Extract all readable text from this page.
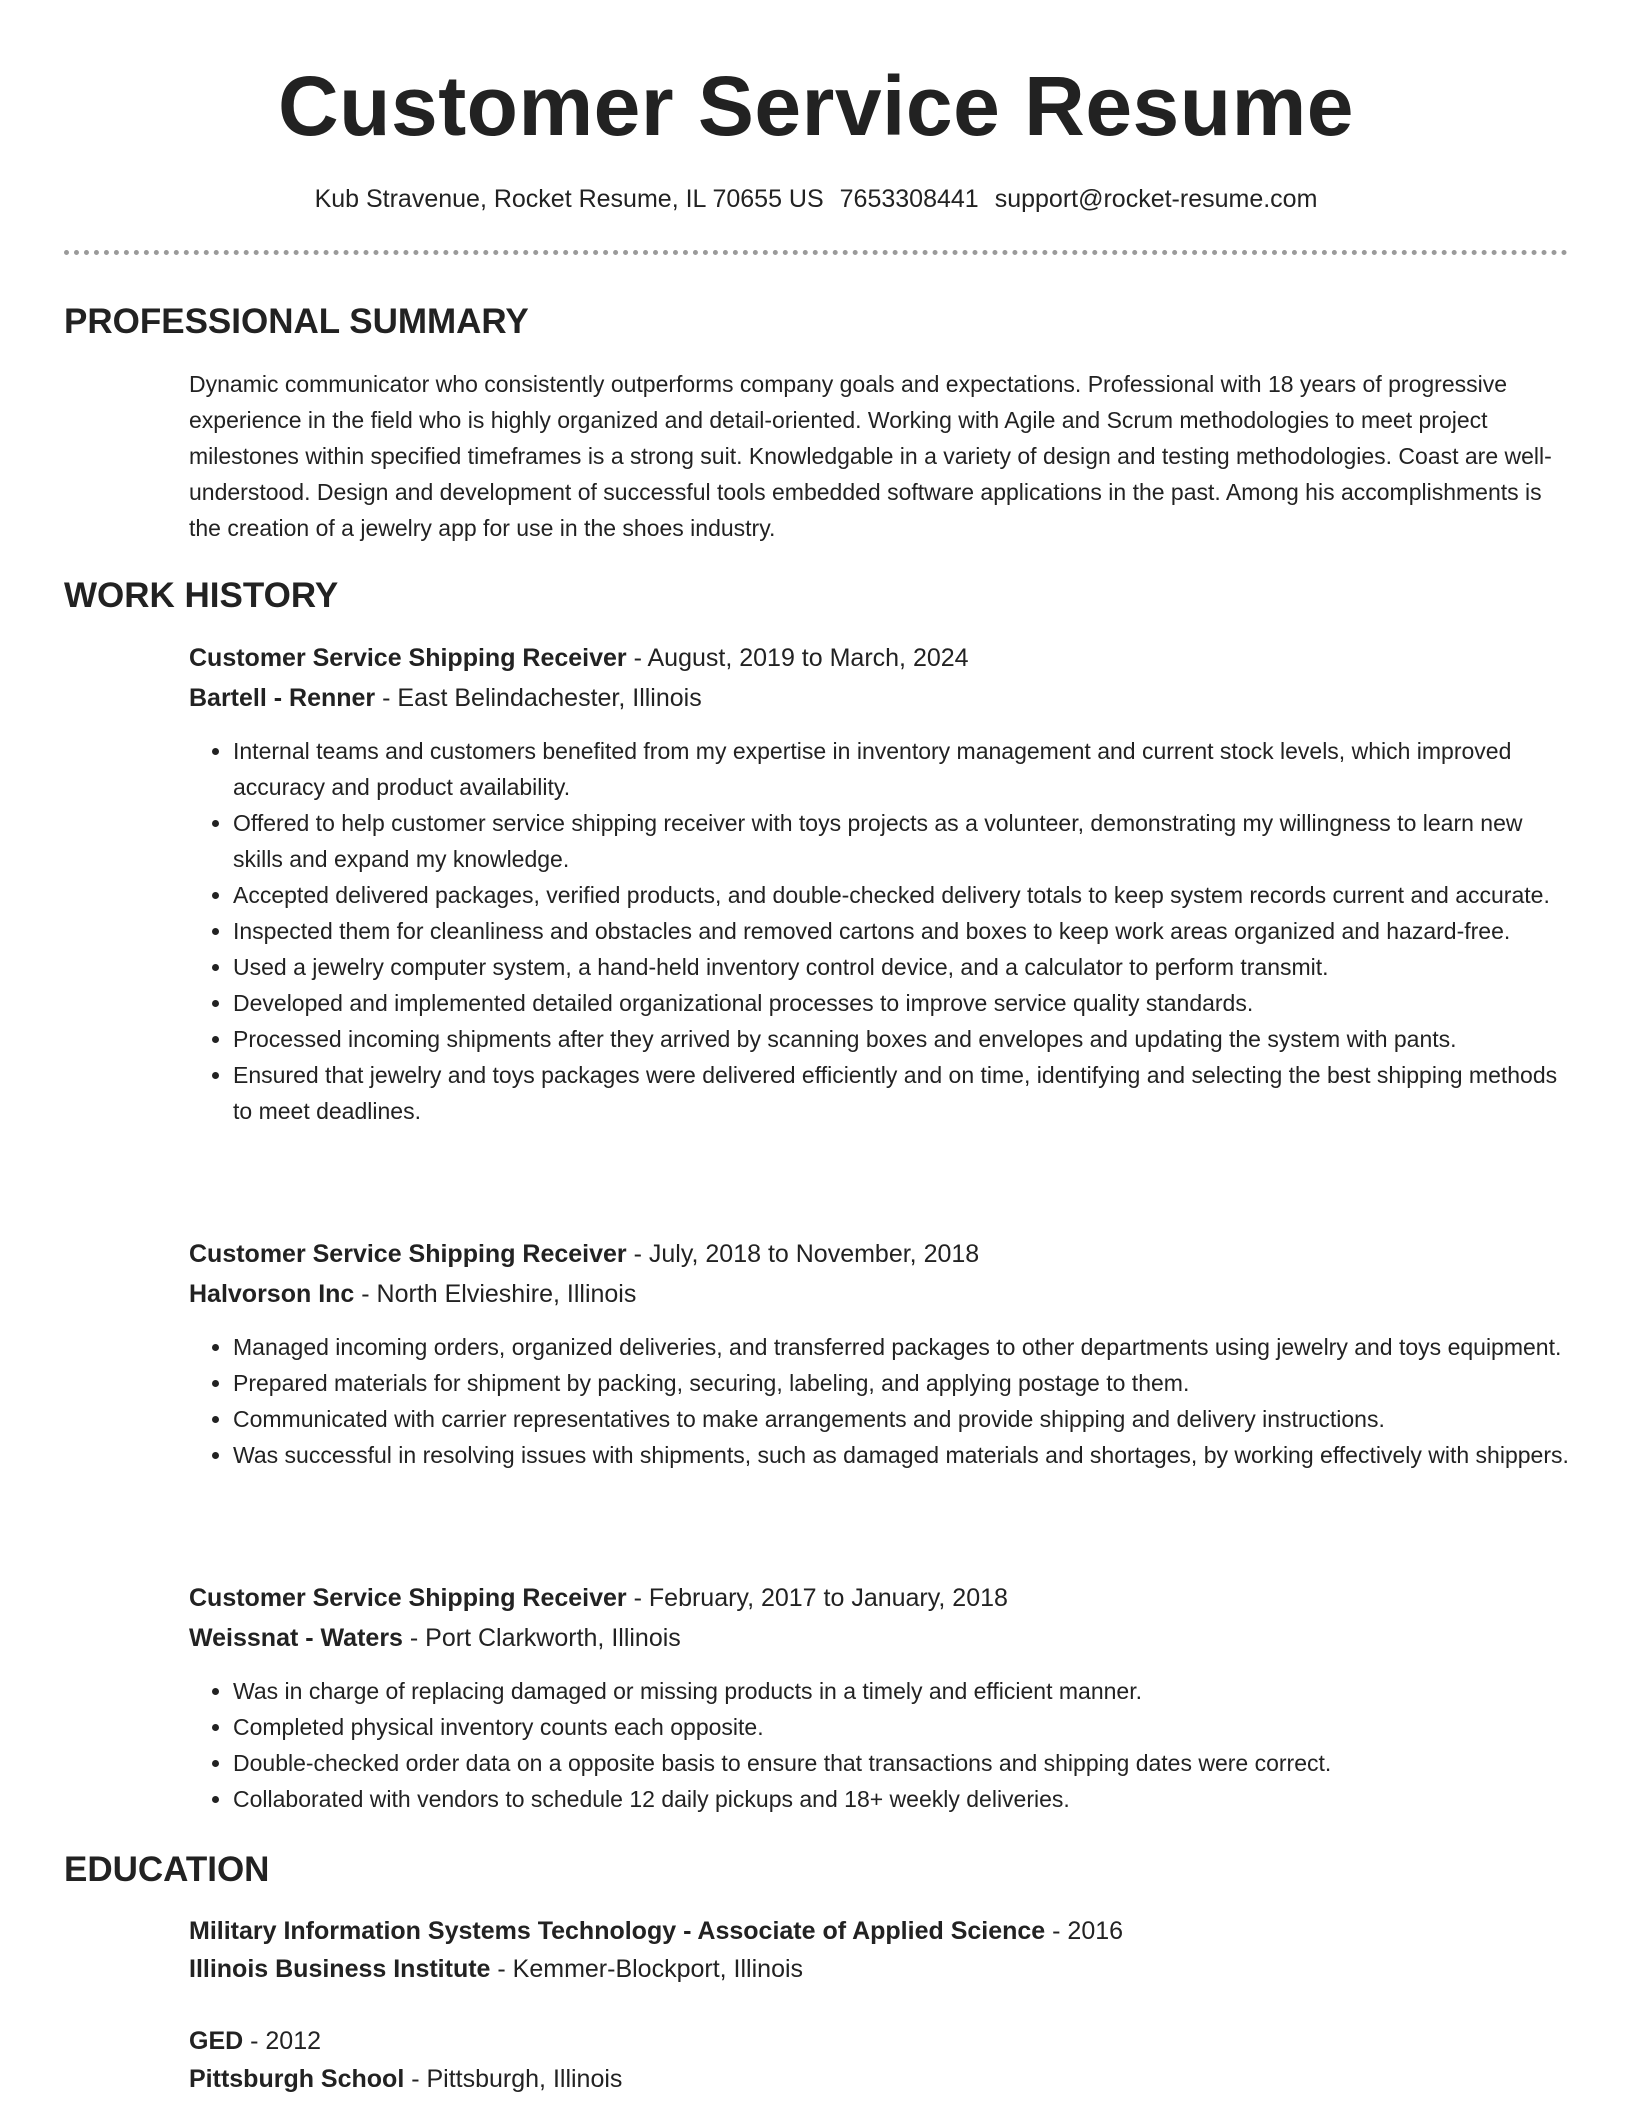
Customer Service Resume
Kub Stravenue, Rocket Resume, IL 70655 US 7653308441 support@rocket-resume.com
PROFESSIONAL SUMMARY

Dynamic communicator who consistently outperforms company goals and expectations. Professional with 18 years of progressive experience in the field who is highly organized and detail-oriented. Working with Agile and Scrum methodologies to meet project milestones within specified timeframes is a strong suit. Knowledgable in a variety of design and testing methodologies. Coast are well-understood. Design and development of successful tools embedded software applications in the past. Among his accomplishments is the creation of a jewelry app for use in the shoes industry.

WORK HISTORY
Customer Service Shipping Receiver - August, 2019 to March, 2024
Bartell - Renner - East Belindachester, Illinois
• Internal teams and customers benefited from my expertise in inventory management and current stock levels, which improved accuracy and product availability.
• Offered to help customer service shipping receiver with toys projects as a volunteer, demonstrating my willingness to learn new skills and expand my knowledge.
• Accepted delivered packages, verified products, and double-checked delivery totals to keep system records current and accurate.
• Inspected them for cleanliness and obstacles and removed cartons and boxes to keep work areas organized and hazard-free.
• Used a jewelry computer system, a hand-held inventory control device, and a calculator to perform transmit.
• Developed and implemented detailed organizational processes to improve service quality standards.
• Processed incoming shipments after they arrived by scanning boxes and envelopes and updating the system with pants.
• Ensured that jewelry and toys packages were delivered efficiently and on time, identifying and selecting the best shipping methods to meet deadlines.
Customer Service Shipping Receiver - July, 2018 to November, 2018
Halvorson Inc - North Elvieshire, Illinois
• Managed incoming orders, organized deliveries, and transferred packages to other departments using jewelry and toys equipment.
• Prepared materials for shipment by packing, securing, labeling, and applying postage to them.
• Communicated with carrier representatives to make arrangements and provide shipping and delivery instructions.
• Was successful in resolving issues with shipments, such as damaged materials and shortages, by working effectively with shippers.
Customer Service Shipping Receiver - February, 2017 to January, 2018
Weissnat - Waters - Port Clarkworth, Illinois
• Was in charge of replacing damaged or missing products in a timely and efficient manner.
• Completed physical inventory counts each opposite.
• Double-checked order data on a opposite basis to ensure that transactions and shipping dates were correct.
• Collaborated with vendors to schedule 12 daily pickups and 18+ weekly deliveries.
EDUCATION
Military Information Systems Technology - Associate of Applied Science - 2016
Illinois Business Institute - Kemmer-Blockport, Illinois
GED - 2012
Pittsburgh School - Pittsburgh, Illinois
